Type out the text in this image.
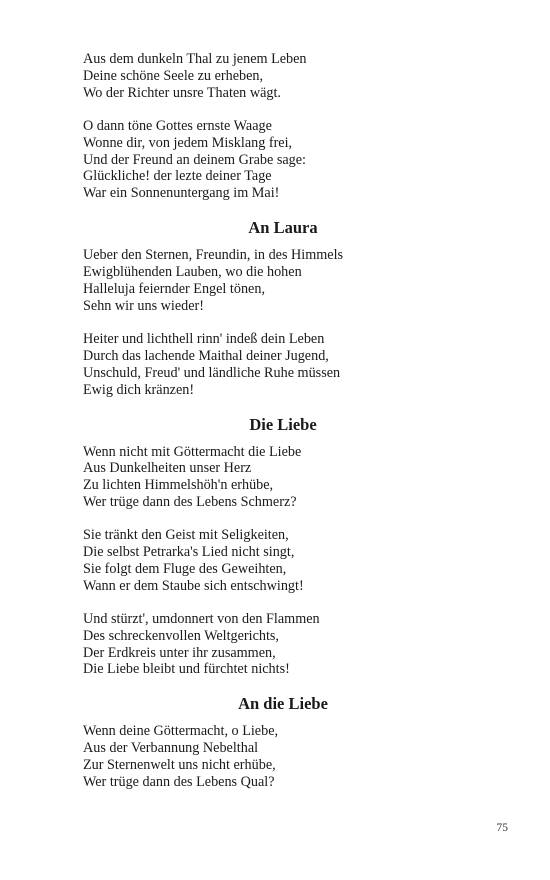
Aus dem dunkeln Thal zu jenem Leben
Deine schöne Seele zu erheben,
Wo der Richter unsre Thaten wägt.
O dann töne Gottes ernste Waage
Wonne dir, von jedem Misklang frei,
Und der Freund an deinem Grabe sage:
Glückliche! der lezte deiner Tage
War ein Sonnenuntergang im Mai!
An Laura
Ueber den Sternen, Freundin, in des Himmels
Ewigblühenden Lauben, wo die hohen
Halleluja feiernder Engel tönen,
Sehn wir uns wieder!
Heiter und lichthell rinn' indeß dein Leben
Durch das lachende Maithal deiner Jugend,
Unschuld, Freud' und ländliche Ruhe müssen
Ewig dich kränzen!
Die Liebe
Wenn nicht mit Göttermacht die Liebe
Aus Dunkelheiten unser Herz
Zu lichten Himmelshöh'n erhübe,
Wer trüge dann des Lebens Schmerz?
Sie tränkt den Geist mit Seligkeiten,
Die selbst Petrarka's Lied nicht singt,
Sie folgt dem Fluge des Geweihten,
Wann er dem Staube sich entschwingt!
Und stürzt', umdonnert von den Flammen
Des schreckenvollen Weltgerichts,
Der Erdkreis unter ihr zusammen,
Die Liebe bleibt und fürchtet nichts!
An die Liebe
Wenn deine Göttermacht, o Liebe,
Aus der Verbannung Nebelthal
Zur Sternenwelt uns nicht erhübe,
Wer trüge dann des Lebens Qual?
75
